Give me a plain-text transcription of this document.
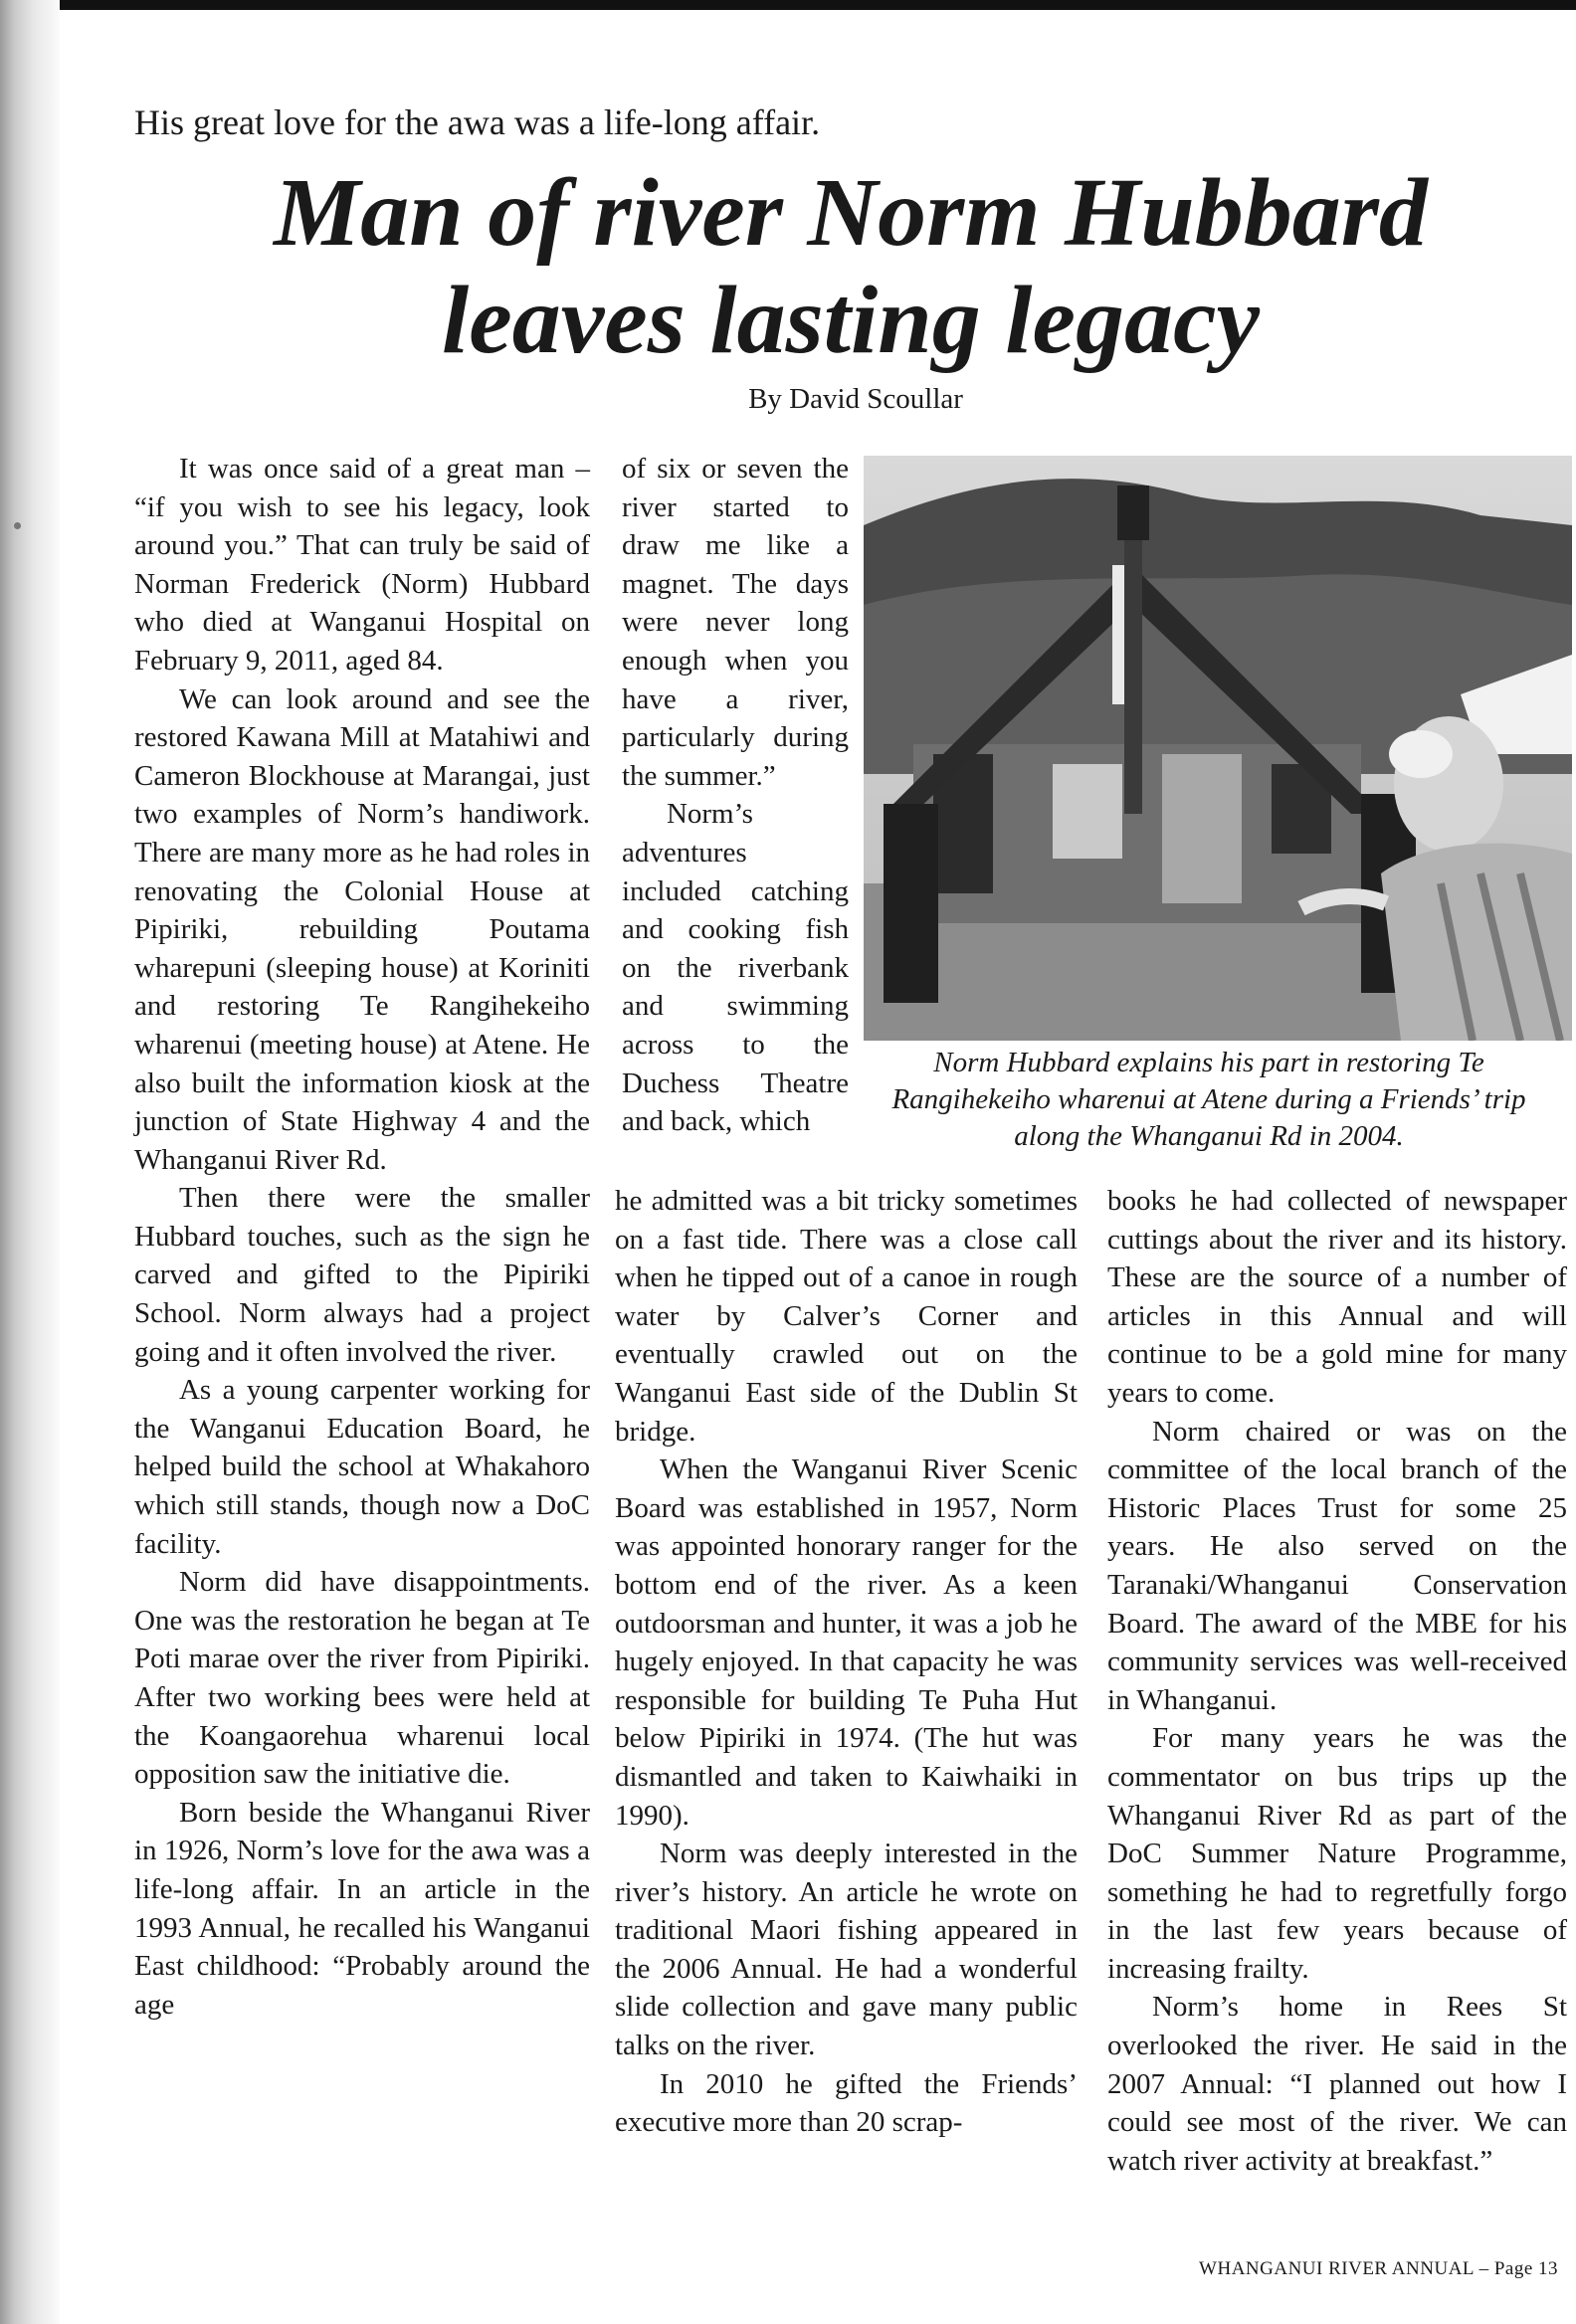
His great love for the awa was a life-long affair.
Man of river Norm Hubbard
leaves lasting legacy
By David Scoullar

It was once said of a great man – “if you wish to see his legacy, look around you.” That can truly be said of Norman Frederick (Norm) Hubbard who died at Wanganui Hospital on February 9, 2011, aged 84.

We can look around and see the restored Kawana Mill at Matahiwi and Cameron Blockhouse at Marangai, just two examples of Norm’s handiwork. There are many more as he had roles in renovating the Colonial House at Pipiriki, rebuilding Poutama wharepuni (sleeping house) at Koriniti and restoring Te Rangihekeiho wharenui (meeting house) at Atene. He also built the information kiosk at the junction of State Highway 4 and the Whanganui River Rd.

Then there were the smaller Hubbard touches, such as the sign he carved and gifted to the Pipiriki School. Norm always had a project going and it often involved the river.

As a young carpenter working for the Wanganui Education Board, he helped build the school at Whakahoro which still stands, though now a DoC facility.

Norm did have disappointments. One was the restoration he began at Te Poti marae over the river from Pipiriki. After two working bees were held at the Koangaorehua wharenui local opposition saw the initiative die.

Born beside the Whanganui River in 1926, Norm’s love for the awa was a life-long affair. In an article in the 1993 Annual, he recalled his Wanganui East childhood: “Probably around the age

of six or seven the river started to draw me like a magnet. The days were never long enough when you have a river, particularly during the summer.”

Norm’s adventures included catching and cooking fish on the riverbank and swimming across to the Duchess Theatre and back, which

Norm Hubbard explains his part in restoring Te Rangihekeiho wharenui at Atene during a Friends’ trip along the Whanganui Rd in 2004.

he admitted was a bit tricky sometimes on a fast tide. There was a close call when he tipped out of a canoe in rough water by Calver’s Corner and eventually crawled out on the Wanganui East side of the Dublin St bridge.

When the Wanganui River Scenic Board was established in 1957, Norm was appointed honorary ranger for the bottom end of the river. As a keen outdoorsman and hunter, it was a job he hugely enjoyed. In that capacity he was responsible for building Te Puha Hut below Pipiriki in 1974. (The hut was dismantled and taken to Kaiwhaiki in 1990).

Norm was deeply interested in the river’s history. An article he wrote on traditional Maori fishing appeared in the 2006 Annual. He had a wonderful slide collection and gave many public talks on the river.

In 2010 he gifted the Friends’ executive more than 20 scrap-

books he had collected of newspaper cuttings about the river and its history. These are the source of a number of articles in this Annual and will continue to be a gold mine for many years to come.

Norm chaired or was on the committee of the local branch of the Historic Places Trust for some 25 years. He also served on the Taranaki/Whanganui Conservation Board. The award of the MBE for his community services was well-received in Whanganui.

For many years he was the commentator on bus trips up the Whanganui River Rd as part of the DoC Summer Nature Programme, something he had to regretfully forgo in the last few years because of increasing frailty.

Norm’s home in Rees St overlooked the river. He said in the 2007 Annual: “I planned out how I could see most of the river. We can watch river activity at breakfast.”

WHANGANUI RIVER ANNUAL – Page 13
